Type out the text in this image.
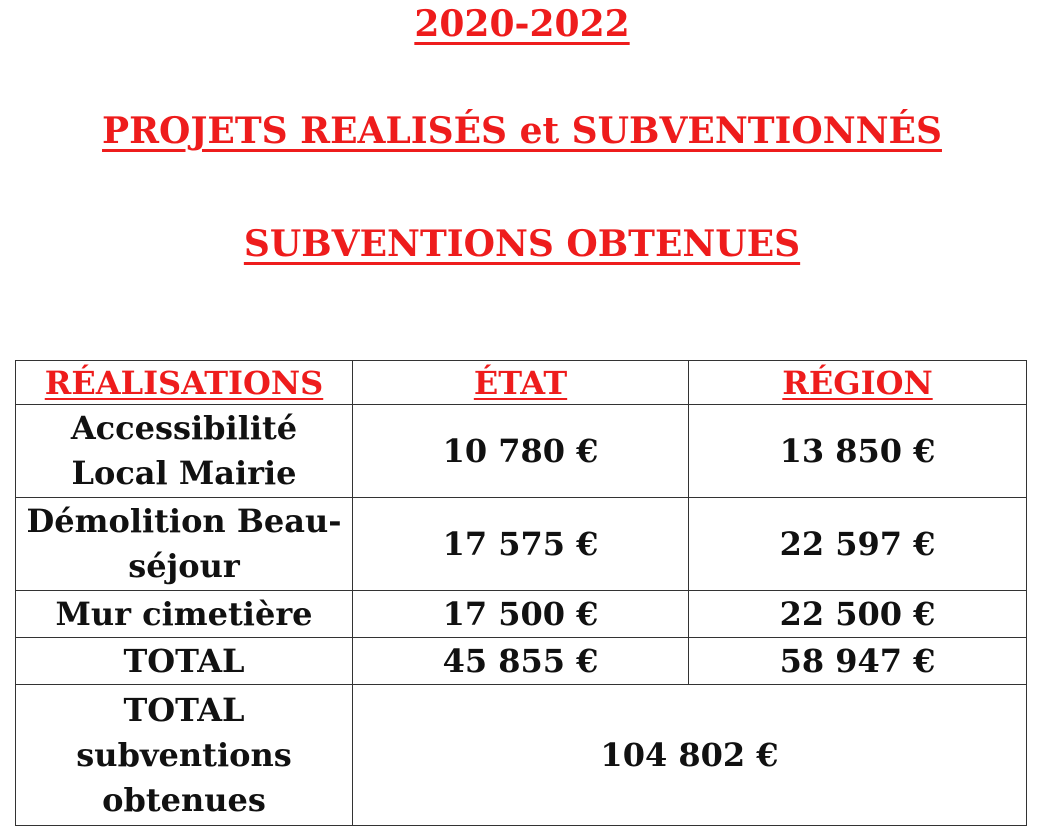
2020-2022
PROJETS REALISÉS et SUBVENTIONNÉS
SUBVENTIONS OBTENUES
RÉALISATIONS	ÉTAT	RÉGION

Accessibilité Local Mairie	10 780 €	13 850 €

Démolition Beau-séjour	17 575 €	22 597 €
Mur cimetière	17 500 €	22 500 €
TOTAL	45 855 €	58 947 €

TOTAL subventions obtenues	104 802 €	
